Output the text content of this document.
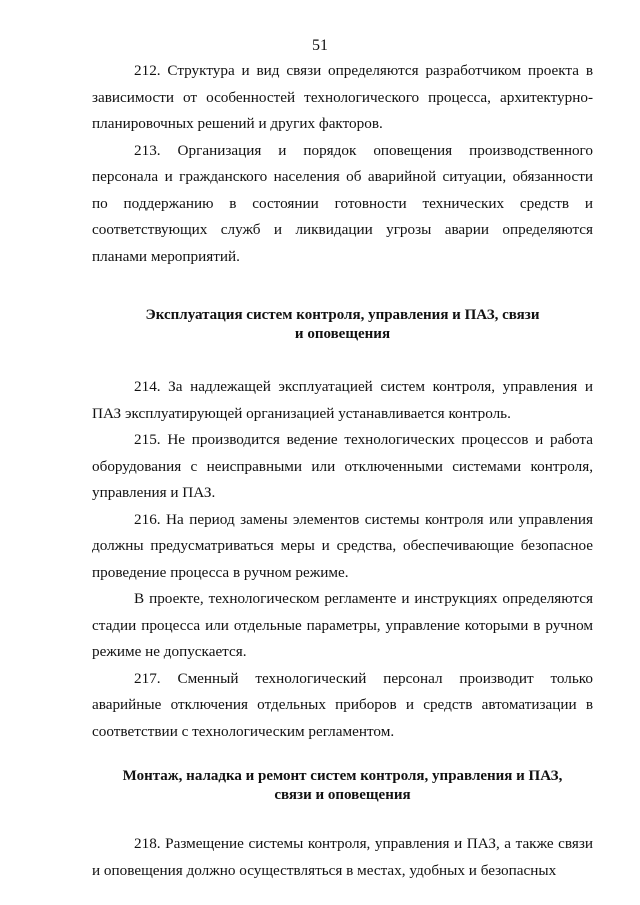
51

212. Структура и вид связи определяются разработчиком проекта в зависимости от особенностей технологического процесса, архитектурно-планировочных решений и других факторов.

213. Организация и порядок оповещения производственного персонала и гражданского населения об аварийной ситуации, обязанности по поддержанию в состоянии готовности технических средств и соответствующих служб и ликвидации угрозы аварии определяются планами мероприятий.

Эксплуатация систем контроля, управления и ПАЗ, связи
и оповещения

214. За надлежащей эксплуатацией систем контроля, управления и ПАЗ эксплуатирующей организацией устанавливается контроль.

215. Не производится ведение технологических процессов и работа оборудования с неисправными или отключенными системами контроля, управления и ПАЗ.

216. На период замены элементов системы контроля или управления должны предусматриваться меры и средства, обеспечивающие безопасное проведение процесса в ручном режиме.

В проекте, технологическом регламенте и инструкциях определяются стадии процесса или отдельные параметры, управление которыми в ручном режиме не допускается.

217. Сменный технологический персонал производит только аварийные отключения отдельных приборов и средств автоматизации в соответствии с технологическим регламентом.

Монтаж, наладка и ремонт систем контроля, управления и ПАЗ,
связи и оповещения

218. Размещение системы контроля, управления и ПАЗ, а также связи и оповещения должно осуществляться в местах, удобных и безопасных
